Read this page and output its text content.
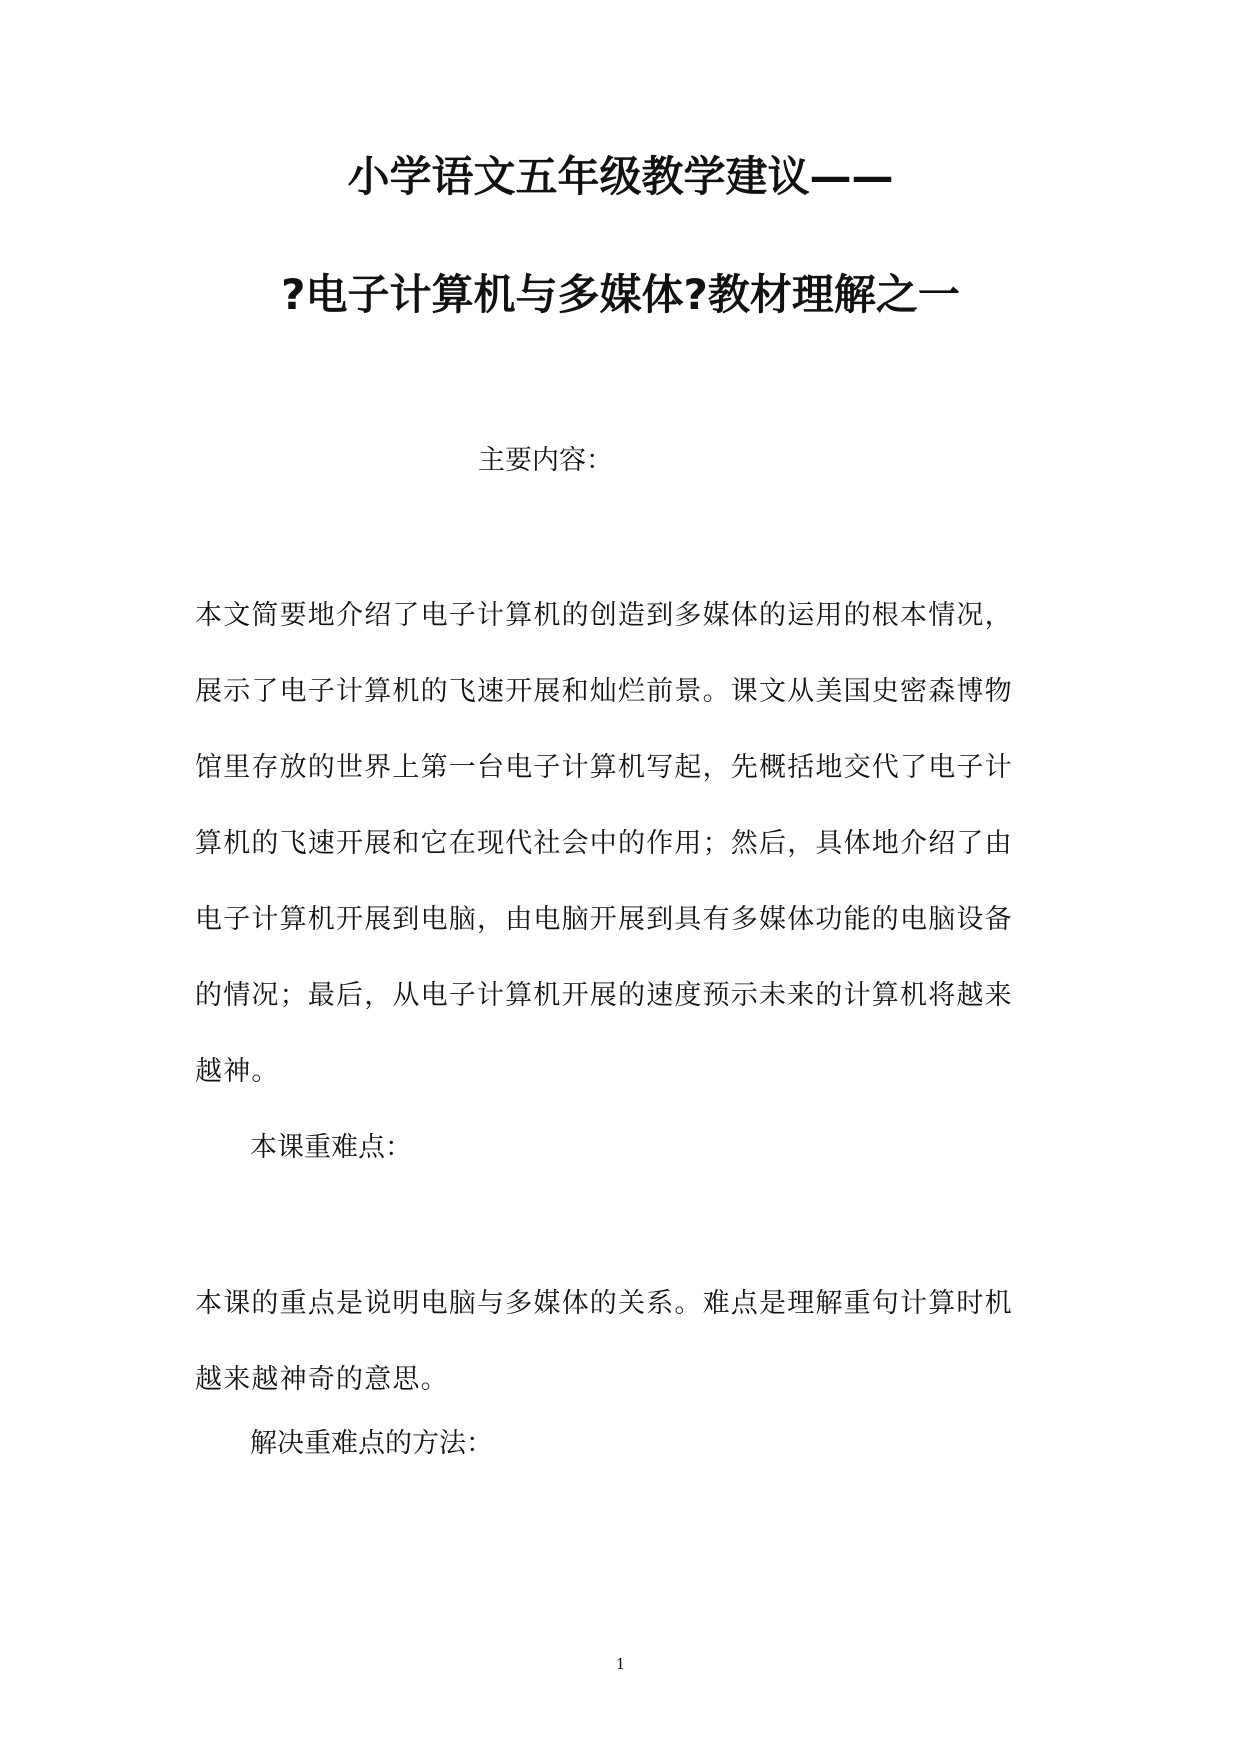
小学语文五年级教学建议——
?电子计算机与多媒体?教材理解之一
主要内容：
本文简要地介绍了电子计算机的创造到多媒体的运用的根本情况，
展示了电子计算机的飞速开展和灿烂前景。课文从美国史密森博物
馆里存放的世界上第一台电子计算机写起，先概括地交代了电子计
算机的飞速开展和它在现代社会中的作用；然后，具体地介绍了由
电子计算机开展到电脑，由电脑开展到具有多媒体功能的电脑设备
的情况；最后，从电子计算机开展的速度预示未来的计算机将越来
越神。
本课重难点：
本课的重点是说明电脑与多媒体的关系。难点是理解重句计算时机
越来越神奇的意思。
解决重难点的方法：
1
